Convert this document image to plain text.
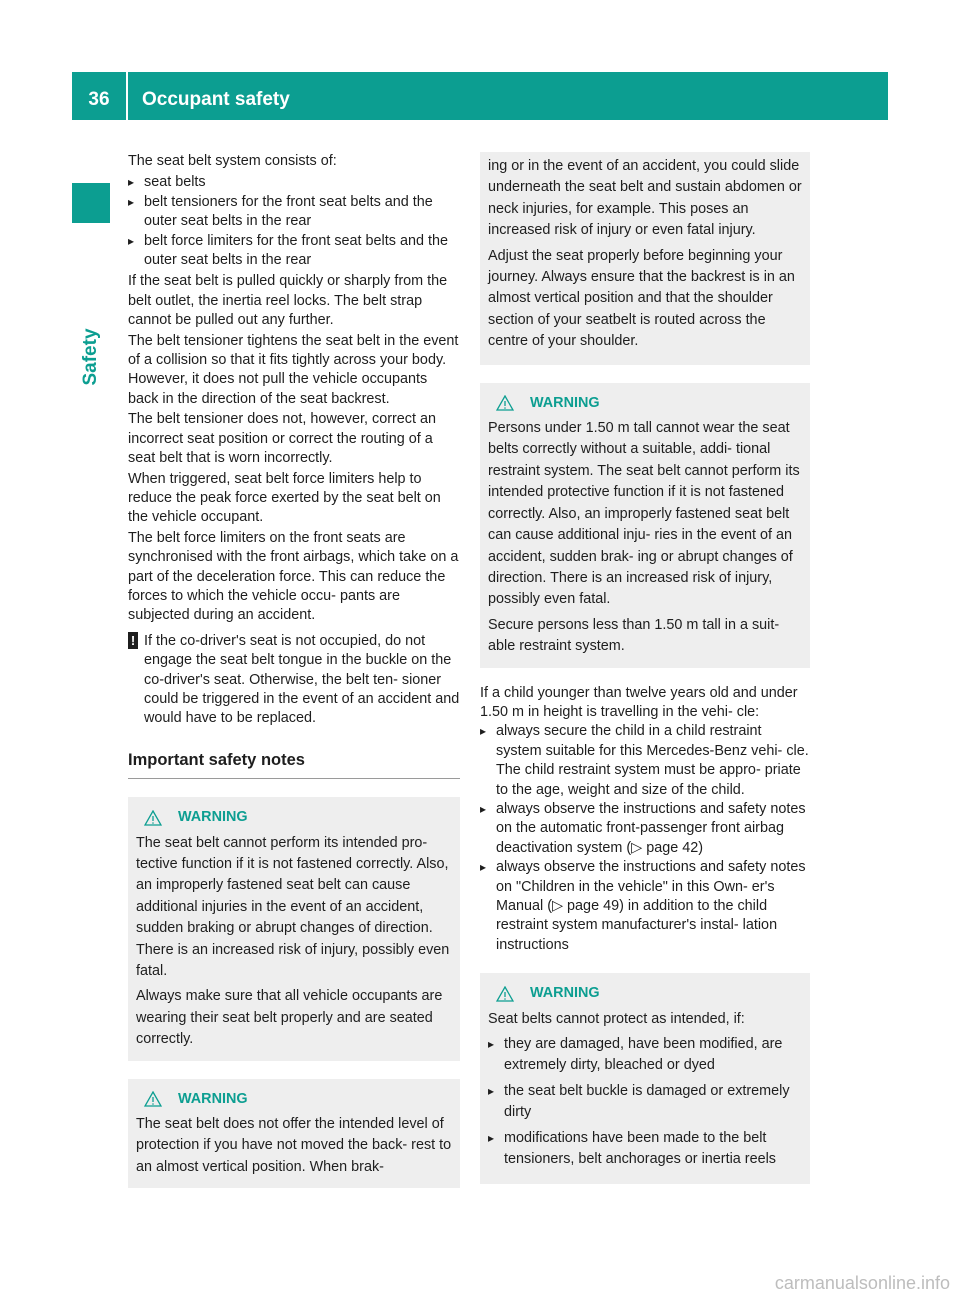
36	Occupant safety
Safety

The seat belt system consists of:

▸ seat belts
▸ belt tensioners for the front seat belts and the outer seat belts in the rear
▸ belt force limiters for the front seat belts and the outer seat belts in the rear

If the seat belt is pulled quickly or sharply from the belt outlet, the inertia reel locks. The belt strap cannot be pulled out any further.

The belt tensioner tightens the seat belt in the event of a collision so that it fits tightly across your body. However, it does not pull the vehicle occupants back in the direction of the seat backrest.

The belt tensioner does not, however, correct an incorrect seat position or correct the routing of a seat belt that is worn incorrectly.

When triggered, seat belt force limiters help to reduce the peak force exerted by the seat belt on the vehicle occupant.

The belt force limiters on the front seats are synchronised with the front airbags, which take on a part of the deceleration force. This can reduce the forces to which the vehicle occu- pants are subjected during an accident.

! If the co-driver's seat is not occupied, do not engage the seat belt tongue in the buckle on the co-driver's seat. Otherwise, the belt ten- sioner could be triggered in the event of an accident and would have to be replaced.

Important safety notes
WARNING

The seat belt cannot perform its intended pro- tective function if it is not fastened correctly. Also, an improperly fastened seat belt can cause additional injuries in the event of an accident, sudden braking or abrupt changes of direction. There is an increased risk of injury, possibly even fatal.

Always make sure that all vehicle occupants are wearing their seat belt properly and are seated correctly.

WARNING

The seat belt does not offer the intended level of protection if you have not moved the back- rest to an almost vertical position. When brak-

ing or in the event of an accident, you could slide underneath the seat belt and sustain abdomen or neck injuries, for example. This poses an increased risk of injury or even fatal injury.

Adjust the seat properly before beginning your journey. Always ensure that the backrest is in an almost vertical position and that the shoulder section of your seatbelt is routed across the centre of your shoulder.

WARNING

Persons under 1.50 m tall cannot wear the seat belts correctly without a suitable, addi- tional restraint system. The seat belt cannot perform its intended protective function if it is not fastened correctly. Also, an improperly fastened seat belt can cause additional inju- ries in the event of an accident, sudden brak- ing or abrupt changes of direction. There is an increased risk of injury, possibly even fatal.

Secure persons less than 1.50 m tall in a suit- able restraint system.

If a child younger than twelve years old and under 1.50 m in height is travelling in the vehi- cle:

▸ always secure the child in a child restraint system suitable for this Mercedes-Benz vehi- cle. The child restraint system must be appro- priate to the age, weight and size of the child.
▸ always observe the instructions and safety notes on the automatic front-passenger front airbag deactivation system (▷ page 42)
▸ always observe the instructions and safety notes on "Children in the vehicle" in this Own- er's Manual (▷ page 49) in addition to the child restraint system manufacturer's instal- lation instructions
WARNING

Seat belts cannot protect as intended, if:

▸ they are damaged, have been modified, are extremely dirty, bleached or dyed
▸ the seat belt buckle is damaged or extremely dirty
▸ modifications have been made to the belt tensioners, belt anchorages or inertia reels
carmanualsonline.info
